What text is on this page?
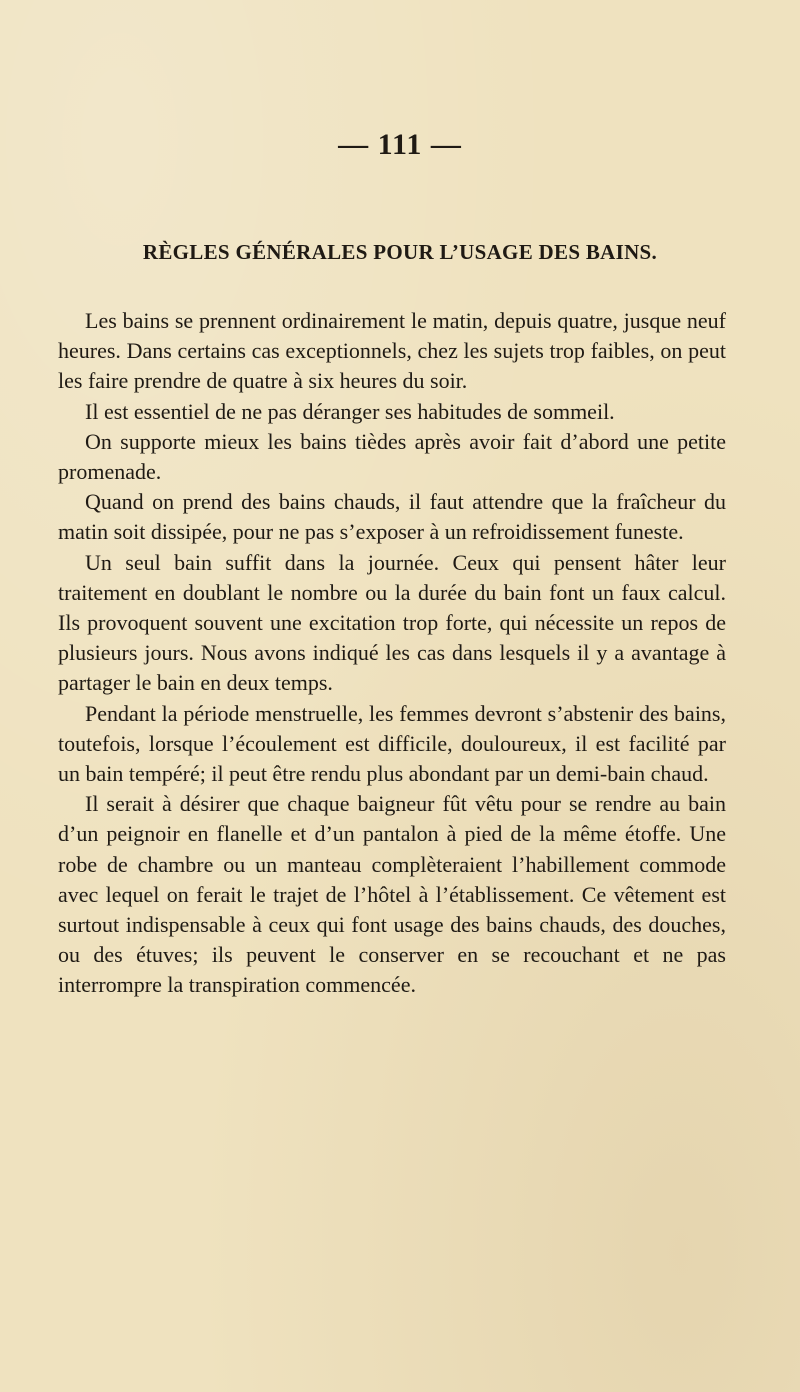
— 111 —
RÈGLES GÉNÉRALES POUR L’USAGE DES BAINS.

Les bains se prennent ordinairement le matin, depuis quatre, jusque neuf heures. Dans certains cas exceptionnels, chez les sujets trop faibles, on peut les faire prendre de quatre à six heures du soir.

Il est essentiel de ne pas déranger ses habitudes de sommeil.

On supporte mieux les bains tièdes après avoir fait d’abord une petite promenade.

Quand on prend des bains chauds, il faut attendre que la fraîcheur du matin soit dissipée, pour ne pas s’exposer à un refroidissement funeste.

Un seul bain suffit dans la journée. Ceux qui pensent hâter leur traitement en doublant le nombre ou la durée du bain font un faux calcul. Ils provoquent souvent une excitation trop forte, qui nécessite un repos de plusieurs jours. Nous avons indiqué les cas dans lesquels il y a avantage à partager le bain en deux temps.

Pendant la période menstruelle, les femmes devront s’abstenir des bains, toutefois, lorsque l’écoulement est difficile, douloureux, il est facilité par un bain tempéré; il peut être rendu plus abondant par un demi-bain chaud.

Il serait à désirer que chaque baigneur fût vêtu pour se rendre au bain d’un peignoir en flanelle et d’un pantalon à pied de la même étoffe. Une robe de chambre ou un manteau complèteraient l’habillement commode avec lequel on ferait le trajet de l’hôtel à l’établissement. Ce vêtement est surtout indispensable à ceux qui font usage des bains chauds, des douches, ou des étuves; ils peuvent le conserver en se recouchant et ne pas interrompre la transpiration commencée.
